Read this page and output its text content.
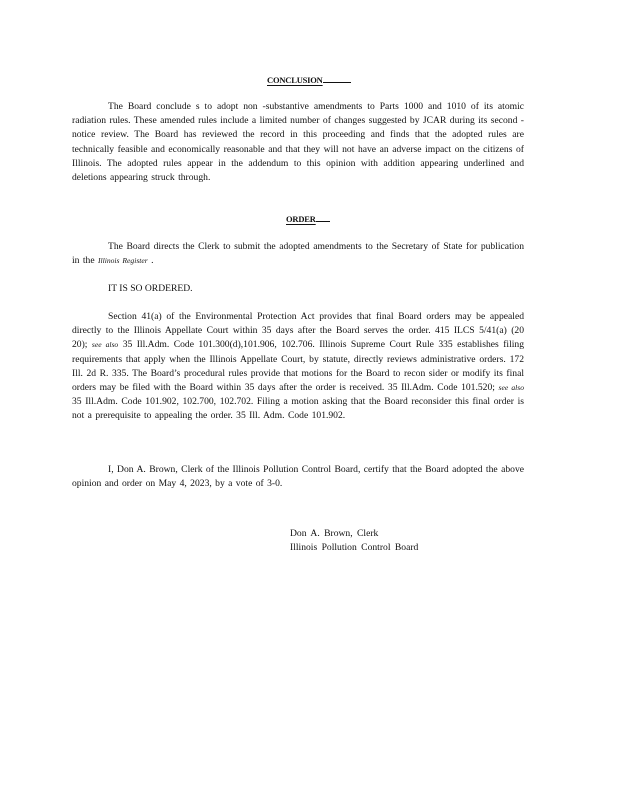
CONCLUSION

The Board conclude s to adopt non -substantive amendments to Parts 1000 and 1010 of its atomic radiation rules. These amended rules include a limited number of changes suggested by JCAR during its second -notice review. The Board has reviewed the record in this proceeding and finds that the adopted rules are technically feasible and economically reasonable and that they will not have an adverse impact on the citizens of Illinois. The adopted rules appear in the addendum to this opinion with addition appearing underlined and deletions appearing struck through.

ORDER

The Board directs the Clerk to submit the adopted amendments to the Secretary of State for publication in the Illinois Register .

IT IS SO ORDERED.

Section 41(a) of the Environmental Protection Act provides that final Board orders may be appealed directly to the Illinois Appellate Court within 35 days after the Board serves the order. 415 ILCS 5/41(a) (20 20); see also 35 Ill.Adm. Code 101.300(d),101.906, 102.706. Illinois Supreme Court Rule 335 establishes filing requirements that apply when the Illinois Appellate Court, by statute, directly reviews administrative orders. 172 Ill. 2d R. 335. The Board’s procedural rules provide that motions for the Board to recon sider or modify its final orders may be filed with the Board within 35 days after the order is received. 35 Ill.Adm. Code 101.520; see also 35 Ill.Adm. Code 101.902, 102.700, 102.702. Filing a motion asking that the Board reconsider this final order is not a prerequisite to appealing the order. 35 Ill. Adm. Code 101.902.

I, Don A. Brown, Clerk of the Illinois Pollution Control Board, certify that the Board adopted the above opinion and order on May 4, 2023, by a vote of 3-0.

Don A. Brown, Clerk
Illinois Pollution Control Board
